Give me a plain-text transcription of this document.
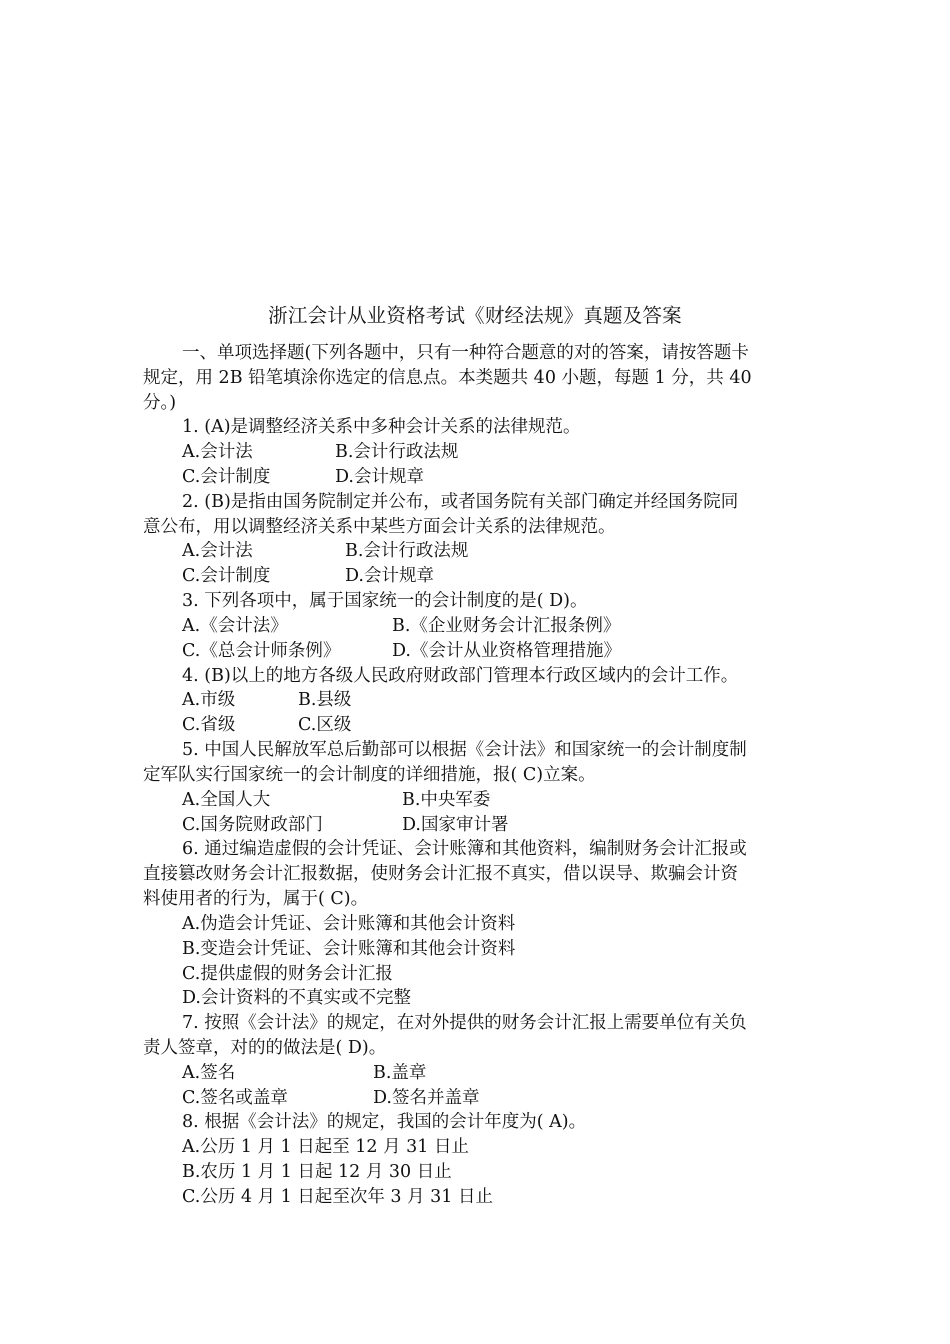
浙江会计从业资格考试《财经法规》真题及答案
一、单项选择题(下列各题中，只有一种符合题意的对的答案，请按答题卡
规定，用 2B 铅笔填涂你选定的信息点。本类题共 40 小题，每题 1 分，共 40
分。)
1. (A)是调整经济关系中多种会计关系的法律规范。
A.会计法	B.会计行政法规
C.会计制度	D.会计规章
2. (B)是指由国务院制定并公布，或者国务院有关部门确定并经国务院同
意公布，用以调整经济关系中某些方面会计关系的法律规范。
A.会计法	B.会计行政法规
C.会计制度	D.会计规章
3. 下列各项中，属于国家统一的会计制度的是( D)。
A.《会计法》	B.《企业财务会计汇报条例》
C.《总会计师条例》	D.《会计从业资格管理措施》
4. (B)以上的地方各级人民政府财政部门管理本行政区域内的会计工作。
A.市级	B.县级
C.省级	C.区级
5. 中国人民解放军总后勤部可以根据《会计法》和国家统一的会计制度制
定军队实行国家统一的会计制度的详细措施，报( C)立案。
A.全国人大	B.中央军委
C.国务院财政部门	D.国家审计署
6. 通过编造虚假的会计凭证、会计账簿和其他资料，编制财务会计汇报或
直接篡改财务会计汇报数据，使财务会计汇报不真实，借以误导、欺骗会计资
料使用者的行为，属于( C)。
A.伪造会计凭证、会计账簿和其他会计资料
B.变造会计凭证、会计账簿和其他会计资料
C.提供虚假的财务会计汇报
D.会计资料的不真实或不完整
7. 按照《会计法》的规定，在对外提供的财务会计汇报上需要单位有关负
责人签章，对的的做法是( D)。
A.签名	B.盖章
C.签名或盖章	D.签名并盖章
8. 根据《会计法》的规定，我国的会计年度为( A)。
A.公历 1 月 1 日起至 12 月 31 日止
B.农历 1 月 1 日起 12 月 30 日止
C.公历 4 月 1 日起至次年 3 月 31 日止
